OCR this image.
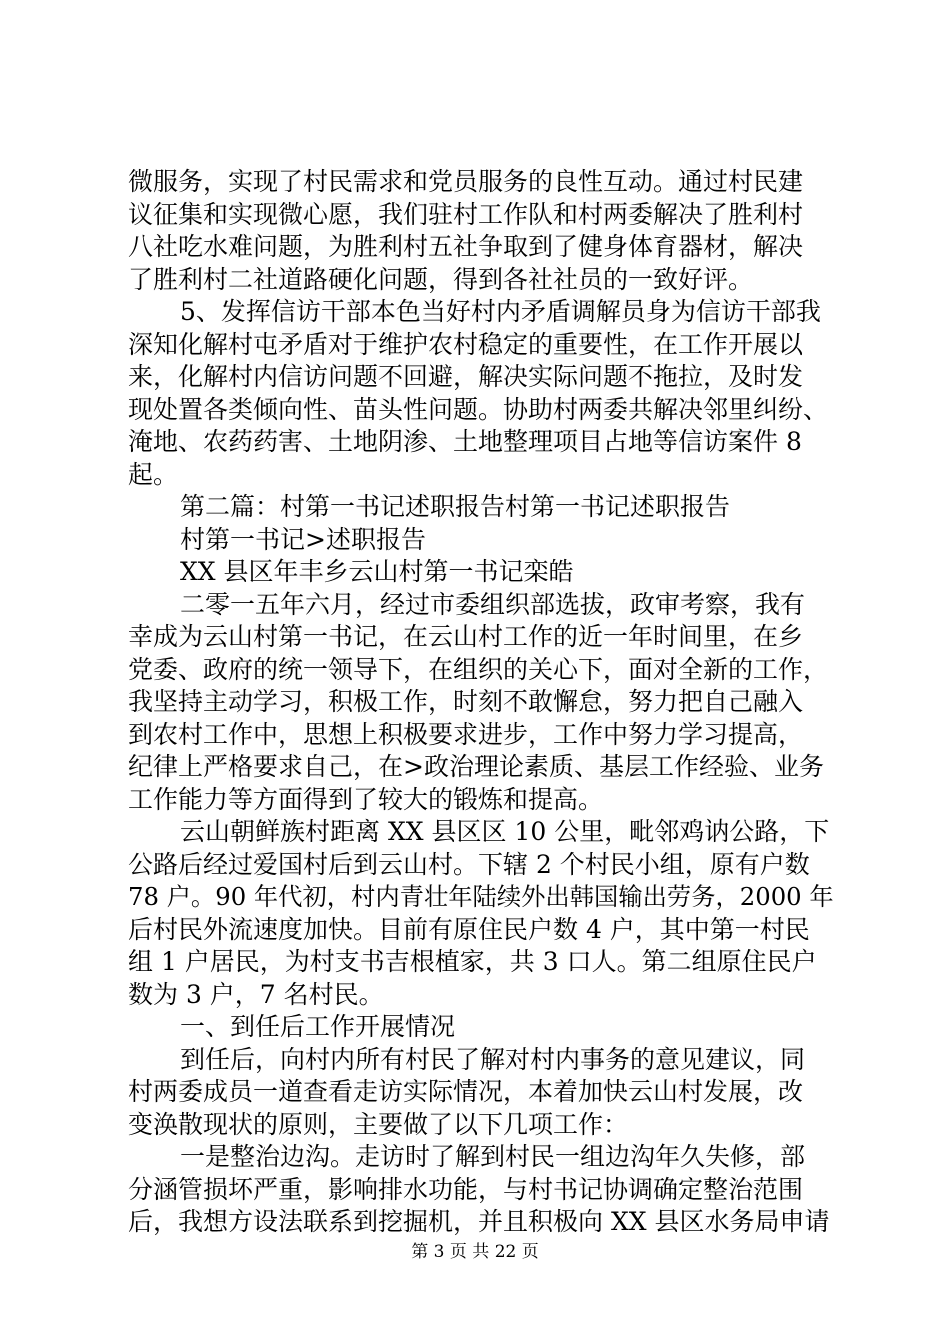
微服务，实现了村民需求和党员服务的良性互动。通过村民建
议征集和实现微心愿，我们驻村工作队和村两委解决了胜利村
八社吃水难问题，为胜利村五社争取到了健身体育器材，解决
了胜利村二社道路硬化问题，得到各社社员的一致好评。
5、发挥信访干部本色当好村内矛盾调解员身为信访干部我
深知化解村屯矛盾对于维护农村稳定的重要性，在工作开展以
来，化解村内信访问题不回避，解决实际问题不拖拉，及时发
现处置各类倾向性、苗头性问题。协助村两委共解决邻里纠纷、
淹地、农药药害、土地阴渗、土地整理项目占地等信访案件 8
起。
第二篇：村第一书记述职报告村第一书记述职报告
村第一书记>述职报告
XX 县区年丰乡云山村第一书记栾皓
二零一五年六月，经过市委组织部选拔，政审考察，我有
幸成为云山村第一书记，在云山村工作的近一年时间里，在乡
党委、政府的统一领导下，在组织的关心下，面对全新的工作，
我坚持主动学习，积极工作，时刻不敢懈怠，努力把自己融入
到农村工作中，思想上积极要求进步，工作中努力学习提高，
纪律上严格要求自己，在>政治理论素质、基层工作经验、业务
工作能力等方面得到了较大的锻炼和提高。
云山朝鲜族村距离 XX 县区区 10 公里，毗邻鸡讷公路，下
公路后经过爱国村后到云山村。下辖 2 个村民小组，原有户数
78 户。90 年代初，村内青壮年陆续外出韩国输出劳务，2000 年
后村民外流速度加快。目前有原住民户数 4 户，其中第一村民
组 1 户居民，为村支书吉根植家，共 3 口人。第二组原住民户
数为 3 户，7 名村民。
一、到任后工作开展情况
到任后，向村内所有村民了解对村内事务的意见建议，同
村两委成员一道查看走访实际情况，本着加快云山村发展，改
变涣散现状的原则，主要做了以下几项工作：
一是整治边沟。走访时了解到村民一组边沟年久失修，部
分涵管损坏严重，影响排水功能，与村书记协调确定整治范围
后，我想方设法联系到挖掘机，并且积极向 XX 县区水务局申请
第 3 页 共 22 页
